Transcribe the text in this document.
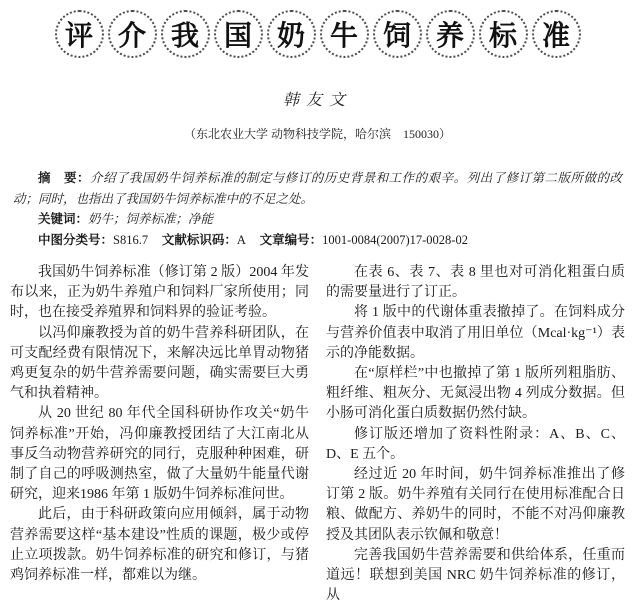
评 介 我 国 奶 牛 饲 养 标 准
韩友文
（东北农业大学 动物科技学院，哈尔滨　150030）

摘　要：介绍了我国奶牛饲养标准的制定与修订的历史背景和工作的艰辛。列出了修订第二版所做的改动；同时，也指出了我国奶牛饲养标准中的不足之处。

关键词：奶牛；饲养标准；净能

中图分类号：S816.7 文献标识码：A 文章编号：1001-0084(2007)17-0028-02

我国奶牛饲养标准（修订第 2 版）2004 年发布以来，正为奶牛养殖户和饲料厂家所使用；同时，也在接受养殖界和饲料界的验证考验。

以冯仰廉教授为首的奶牛营养科研团队，在可支配经费有限情况下，来解决远比单胃动物猪鸡更复杂的奶牛营养需要问题，确实需要巨大勇气和执着精神。

从 20 世纪 80 年代全国科研协作攻关“奶牛饲养标准”开始，冯仰廉教授团结了大江南北从事反刍动物营养研究的同行，克服种种困难，研制了自己的呼吸测热室，做了大量奶牛能量代谢研究，迎来1986 年第 1 版奶牛饲养标准问世。

此后，由于科研政策向应用倾斜，属于动物营养需要这样“基本建设”性质的课题，极少或停止立项拨款。奶牛饲养标准的研究和修订，与猪鸡饲养标准一样，都难以为继。

在表 6、表 7、表 8 里也对可消化粗蛋白质的需要量进行了订正。

将 1 版中的代谢体重表撤掉了。在饲料成分与营养价值表中取消了用旧单位（Mcal·kg⁻¹）表示的净能数据。

在“原样栏”中也撤掉了第 1 版所列粗脂肪、粗纤维、粗灰分、无氮浸出物 4 列成分数据。但小肠可消化蛋白质数据仍然付缺。

修订版还增加了资料性附录：A、B、C、D、E 五个。

经过近 20 年时间，奶牛饲养标准推出了修订第 2 版。奶牛养殖有关同行在使用标准配合日粮、做配方、养奶牛的同时，不能不对冯仰廉教授及其团队表示钦佩和敬意！

完善我国奶牛营养需要和供给体系，任重而道远！联想到美国 NRC 奶牛饲养标准的修订，从
